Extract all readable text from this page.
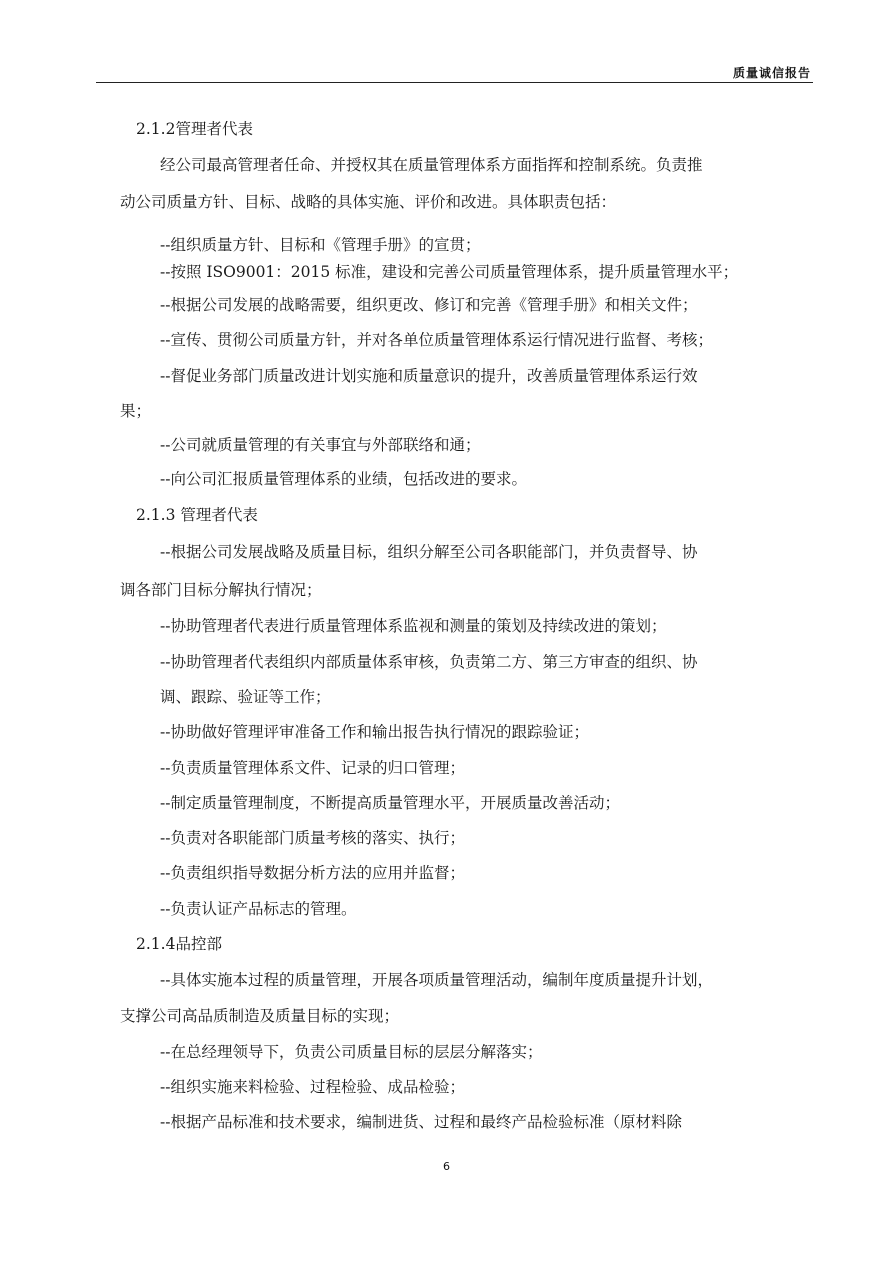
质量诚信报告
2.1.2管理者代表
经公司最高管理者任命、并授权其在质量管理体系方面指挥和控制系统。负责推
动公司质量方针、目标、战略的具体实施、评价和改进。具体职责包括：
--组织质量方针、目标和《管理手册》的宣贯；
--按照 ISO9001：2015 标准，建设和完善公司质量管理体系，提升质量管理水平；
--根据公司发展的战略需要，组织更改、修订和完善《管理手册》和相关文件；
--宣传、贯彻公司质量方针，并对各单位质量管理体系运行情况进行监督、考核；
--督促业务部门质量改进计划实施和质量意识的提升，改善质量管理体系运行效
果；
--公司就质量管理的有关事宜与外部联络和通；
--向公司汇报质量管理体系的业绩，包括改进的要求。
2.1.3 管理者代表
--根据公司发展战略及质量目标，组织分解至公司各职能部门，并负责督导、协
调各部门目标分解执行情况；
--协助管理者代表进行质量管理体系监视和测量的策划及持续改进的策划；
--协助管理者代表组织内部质量体系审核，负责第二方、第三方审查的组织、协
调、跟踪、验证等工作；
--协助做好管理评审准备工作和输出报告执行情况的跟踪验证；
--负责质量管理体系文件、记录的归口管理；
--制定质量管理制度，不断提高质量管理水平，开展质量改善活动；
--负责对各职能部门质量考核的落实、执行；
--负责组织指导数据分析方法的应用并监督；
--负责认证产品标志的管理。
2.1.4品控部
--具体实施本过程的质量管理，开展各项质量管理活动，编制年度质量提升计划，
支撑公司高品质制造及质量目标的实现；
--在总经理领导下，负责公司质量目标的层层分解落实；
--组织实施来料检验、过程检验、成品检验；
--根据产品标准和技术要求，编制进货、过程和最终产品检验标准（原材料除
6
